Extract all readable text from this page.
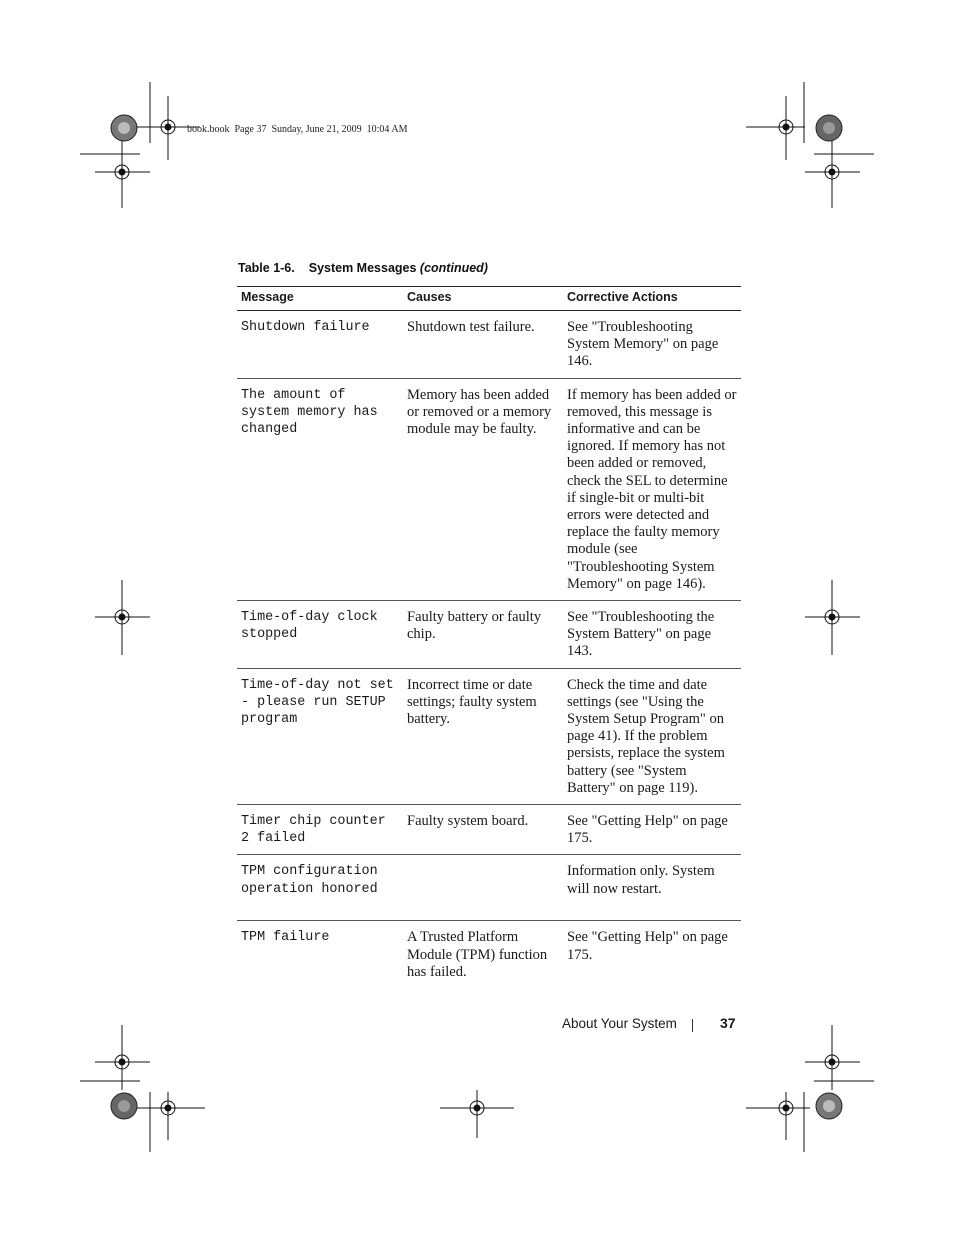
book.book  Page 37  Sunday, June 21, 2009  10:04 AM
Table 1-6. System Messages (continued)
Message	Causes	Corrective Actions
Shutdown failure	Shutdown test failure.	See "Troubleshooting System Memory" on page 146.
The amount of system memory has changed	Memory has been added or removed or a memory module may be faulty.	If memory has been added or removed, this message is informative and can be ignored. If memory has not been added or removed, check the SEL to determine if single-bit or multi-bit errors were detected and replace the faulty memory module (see "Troubleshooting System Memory" on page 146).
Time-of-day clock stopped	Faulty battery or faulty chip.	See "Troubleshooting the System Battery" on page 143.
Time-of-day not set - please run SETUP program	Incorrect time or date settings; faulty system battery.	Check the time and date settings (see "Using the System Setup Program" on page 41). If the problem persists, replace the system battery (see "System Battery" on page 119).
Timer chip counter 2 failed	Faulty system board.	See "Getting Help" on page 175.
TPM configuration operation honored		Information only. System will now restart.
TPM failure	A Trusted Platform Module (TPM) function has failed.	See "Getting Help" on page 175.
About Your System	37
